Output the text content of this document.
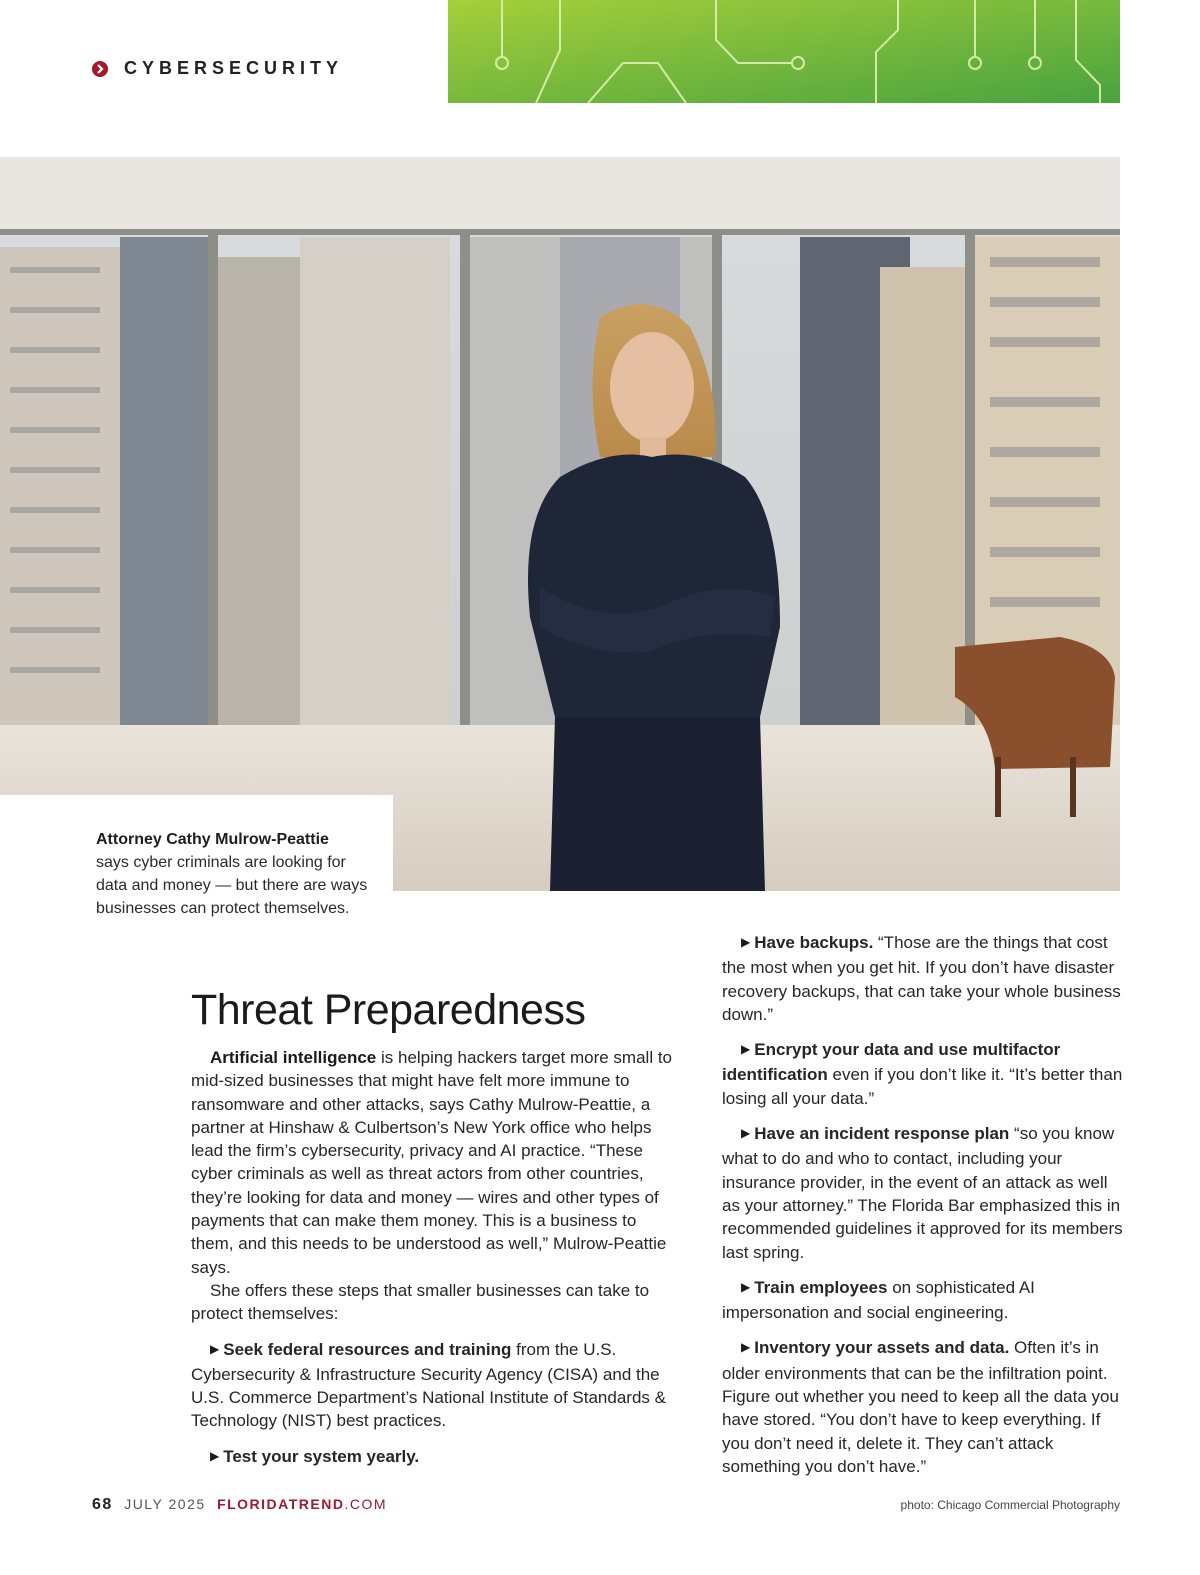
CYBERSECURITY
Attorney Cathy Mulrow-Peattie
says cyber criminals are looking for data and money — but there are ways businesses can protect themselves.
Threat Preparedness

Artificial intelligence is helping hackers target more small to mid-sized businesses that might have felt more immune to ransomware and other attacks, says Cathy Mulrow-Peattie, a partner at Hinshaw & Culbertson’s New York office who helps lead the firm’s cybersecurity, privacy and AI practice. “These cyber criminals as well as threat actors from other countries, they’re looking for data and money — wires and other types of payments that can make them money. This is a business to them, and this needs to be understood as well,” Mulrow-Peattie says.

She offers these steps that smaller businesses can take to protect themselves:

▶ Seek federal resources and training from the U.S. Cybersecurity & Infrastructure Security Agency (CISA) and the U.S. Commerce Department’s National Institute of Standards & Technology (NIST) best practices.

▶ Test your system yearly.

▶ Have backups. “Those are the things that cost the most when you get hit. If you don’t have disaster recovery backups, that can take your whole business down.”

▶ Encrypt your data and use multifactor identification even if you don’t like it. “It’s better than losing all your data.”

▶ Have an incident response plan “so you know what to do and who to contact, including your insurance provider, in the event of an attack as well as your attorney.” The Florida Bar emphasized this in recommended guidelines it approved for its members last spring.

▶ Train employees on sophisticated AI impersonation and social engineering.

▶ Inventory your assets and data. Often it’s in older environments that can be the infiltration point. Figure out whether you need to keep all the data you have stored. “You don’t have to keep everything. If you don’t need it, delete it. They can’t attack something you don’t have.”

68 JULY 2025 FLORIDATREND.COM	photo: Chicago Commercial Photography
